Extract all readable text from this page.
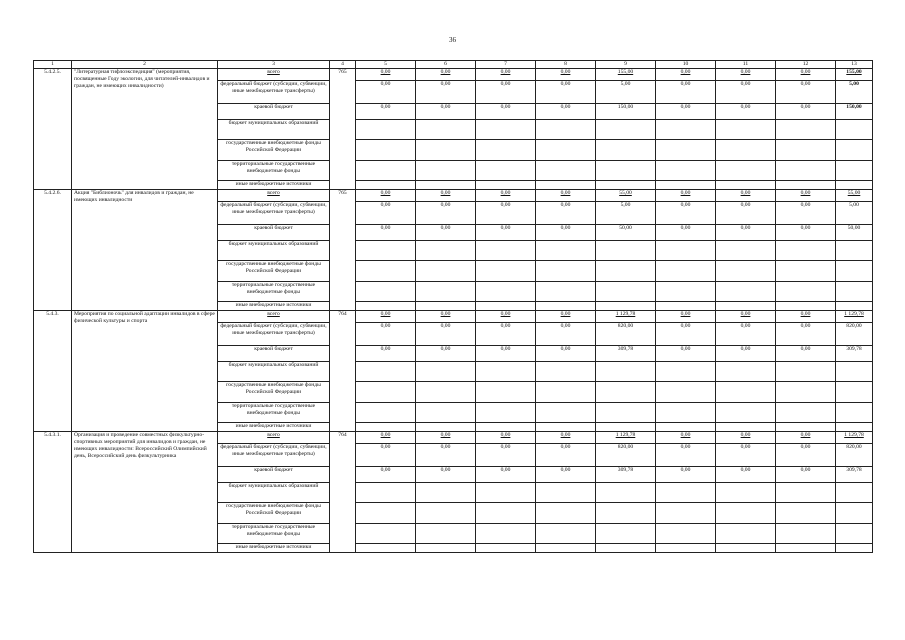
36
1	2	3	4	5	6	7	8	9	10	11	12	13
5.4.2.5.	"Литературная тифлоэкспедиция" (мероприятия, посвященные Году экологии, для читателей-инвалидов и граждан, не имеющих инвалидности)	всего	765	0,00	0,00	0,00	0,00	155,00	0,00	0,00	0,00	155,00
		федеральный бюджет (субсидии, субвенции, иные межбюджетные трансферты)		0,00	0,00	0,00	0,00	5,00	0,00	0,00	0,00	5,00
		краевой бюджет		0,00	0,00	0,00	0,00	150,00	0,00	0,00	0,00	150,00
		бюджет муниципальных образований										
		государственные внебюджетные фонды Российской Федерации										
		территориальные государственные внебюджетные фонды										
		иные внебюджетные источники										
5.4.2.6.	Акция "Библионочь" для инвалидов и граждан, не имеющих инвалидности	всего	765	0,00	0,00	0,00	0,00	55,00	0,00	0,00	0,00	55,00
		федеральный бюджет (субсидии, субвенции, иные межбюджетные трансферты)		0,00	0,00	0,00	0,00	5,00	0,00	0,00	0,00	5,00
		краевой бюджет		0,00	0,00	0,00	0,00	50,00	0,00	0,00	0,00	50,00
		бюджет муниципальных образований										
		государственные внебюджетные фонды Российской Федерации										
		территориальные государственные внебюджетные фонды										
		иные внебюджетные источники										
5.4.3.	Мероприятия по социальной адаптации инвалидов в сфере физической культуры и спорта	всего	764	0,00	0,00	0,00	0,00	1 129,78	0,00	0,00	0,00	1 129,78
		федеральный бюджет (субсидии, субвенции, иные межбюджетные трансферты)		0,00	0,00	0,00	0,00	820,00	0,00	0,00	0,00	820,00
		краевой бюджет		0,00	0,00	0,00	0,00	309,78	0,00	0,00	0,00	309,78
		бюджет муниципальных образований										
		государственные внебюджетные фонды Российской Федерации										
		территориальные государственные внебюджетные фонды										
		иные внебюджетные источники										
5.4.3.1.	Организация и проведение совместных физкультурно-спортивных мероприятий для инвалидов и граждан, не имеющих инвалидности: Всероссийский Олимпийский день, Всероссийский день физкультурника	всего	764	0,00	0,00	0,00	0,00	1 129,78	0,00	0,00	0,00	1 129,78
		федеральный бюджет (субсидии, субвенции, иные межбюджетные трансферты)		0,00	0,00	0,00	0,00	820,00	0,00	0,00	0,00	820,00
		краевой бюджет		0,00	0,00	0,00	0,00	309,78	0,00	0,00	0,00	309,78
		бюджет муниципальных образований										
		государственные внебюджетные фонды Российской Федерации										
		территориальные государственные внебюджетные фонды										
		иные внебюджетные источники										
